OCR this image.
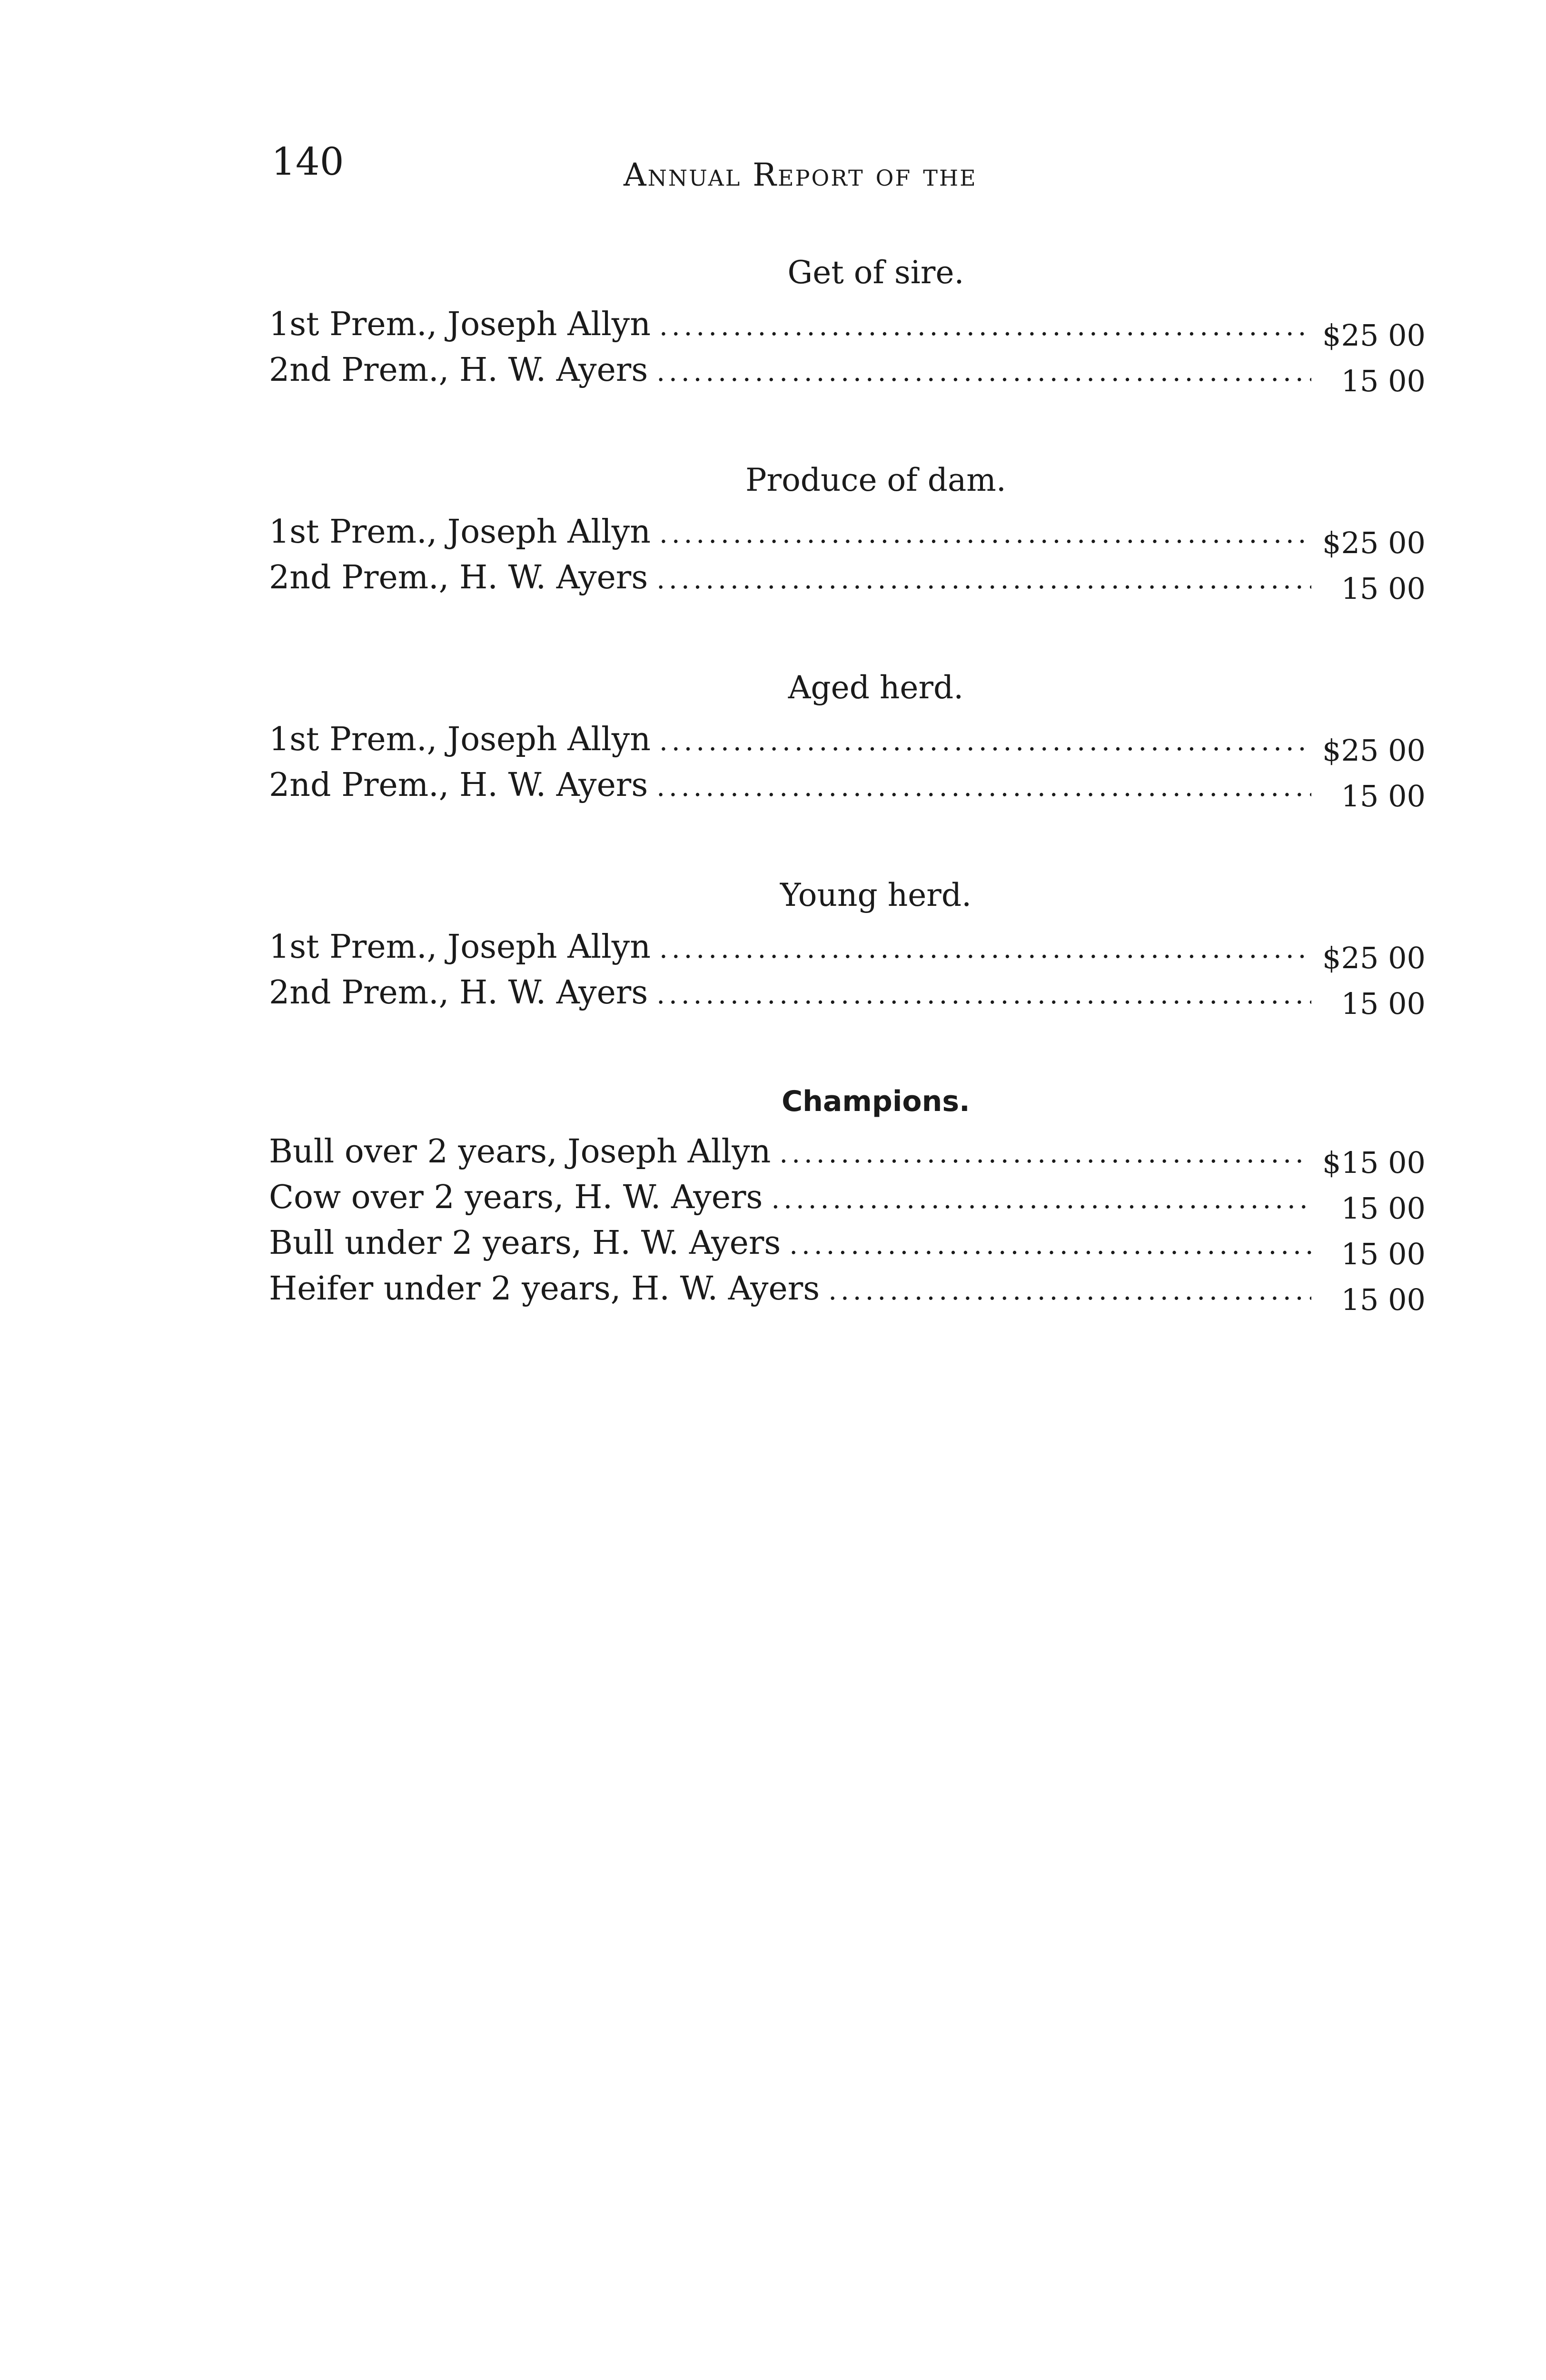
140	Annual Report of the
Get of sire.
1st Prem., Joseph Allyn .....	$25 00
2nd Prem., H. W. Ayers .....	15 00
Produce of dam.
1st Prem., Joseph Allyn .....	$25 00
2nd Prem., H. W. Ayers .....	15 00
Aged herd.
1st Prem., Joseph Allyn .....	$25 00
2nd Prem., H. W. Ayers .....	15 00
Young herd.
1st Prem., Joseph Allyn .....	$25 00
2nd Prem., H. W. Ayers .....	15 00
Champions.
Bull over 2 years, Joseph Allyn .....	$15 00
Cow over 2 years, H. W. Ayers .....	15 00
Bull under 2 years, H. W. Ayers .....	15 00
Heifer under 2 years, H. W. Ayers .....	15 00
